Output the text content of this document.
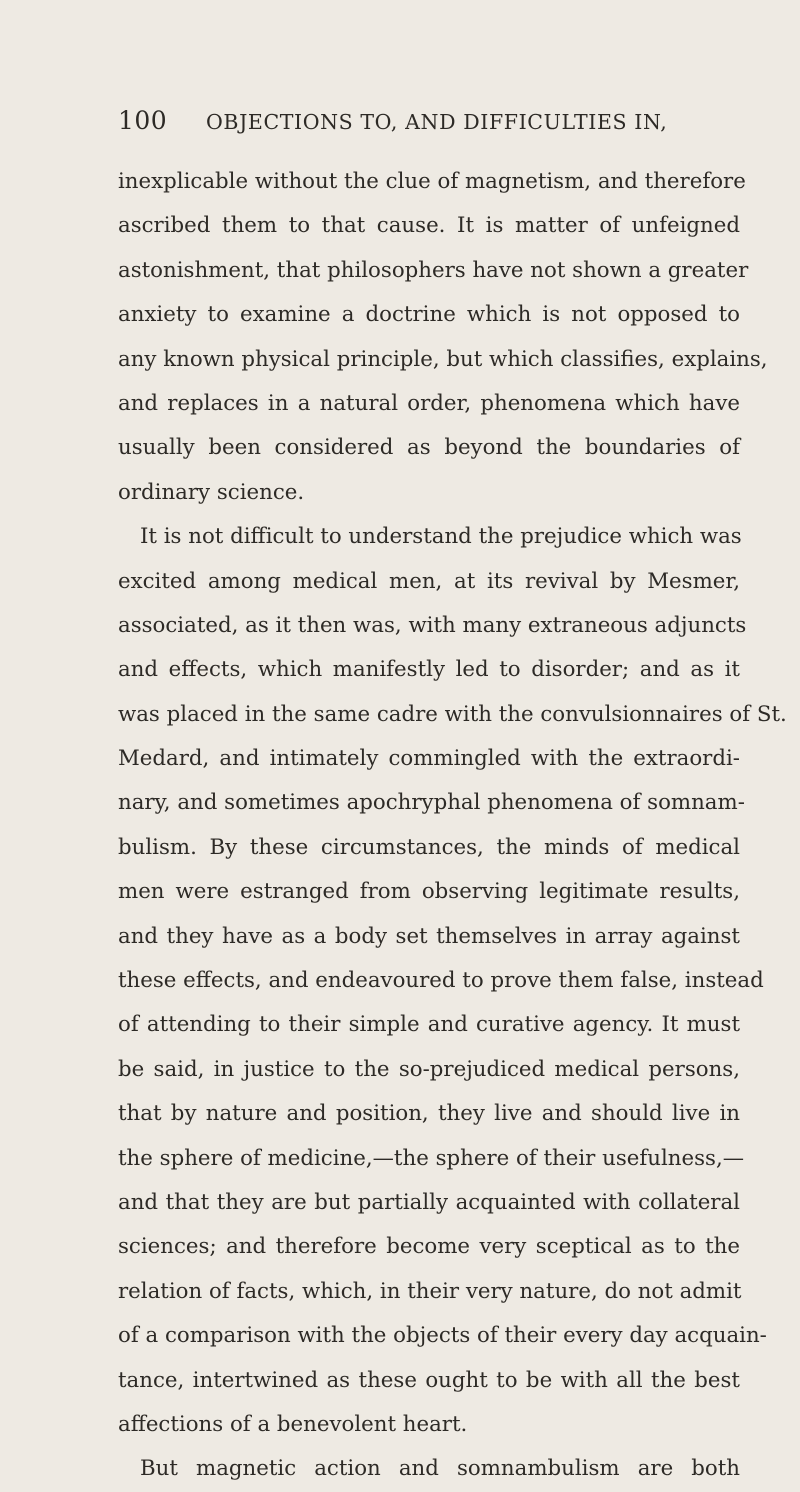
100	OBJECTIONS TO, AND DIFFICULTIES IN,
inexplicable without the clue of magnetism, and therefore
ascribed them to that cause. It is matter of unfeigned
astonishment, that philosophers have not shown a greater
anxiety to examine a doctrine which is not opposed to
any known physical principle, but which classifies, explains,
and replaces in a natural order, phenomena which have
usually been considered as beyond the boundaries of
ordinary science.
It is not difficult to understand the prejudice which was
excited among medical men, at its revival by Mesmer,
associated, as it then was, with many extraneous adjuncts
and effects, which manifestly led to disorder; and as it
was placed in the same cadre with the convulsionnaires of St.
Medard, and intimately commingled with the extraordi-
nary, and sometimes apochryphal phenomena of somnam-
bulism. By these circumstances, the minds of medical
men were estranged from observing legitimate results,
and they have as a body set themselves in array against
these effects, and endeavoured to prove them false, instead
of attending to their simple and curative agency. It must
be said, in justice to the so-prejudiced medical persons,
that by nature and position, they live and should live in
the sphere of medicine,—the sphere of their usefulness,—
and that they are but partially acquainted with collateral
sciences; and therefore become very sceptical as to the
relation of facts, which, in their very nature, do not admit
of a comparison with the objects of their every day acquain-
tance, intertwined as these ought to be with all the best
affections of a benevolent heart.
But magnetic action and somnambulism are both
